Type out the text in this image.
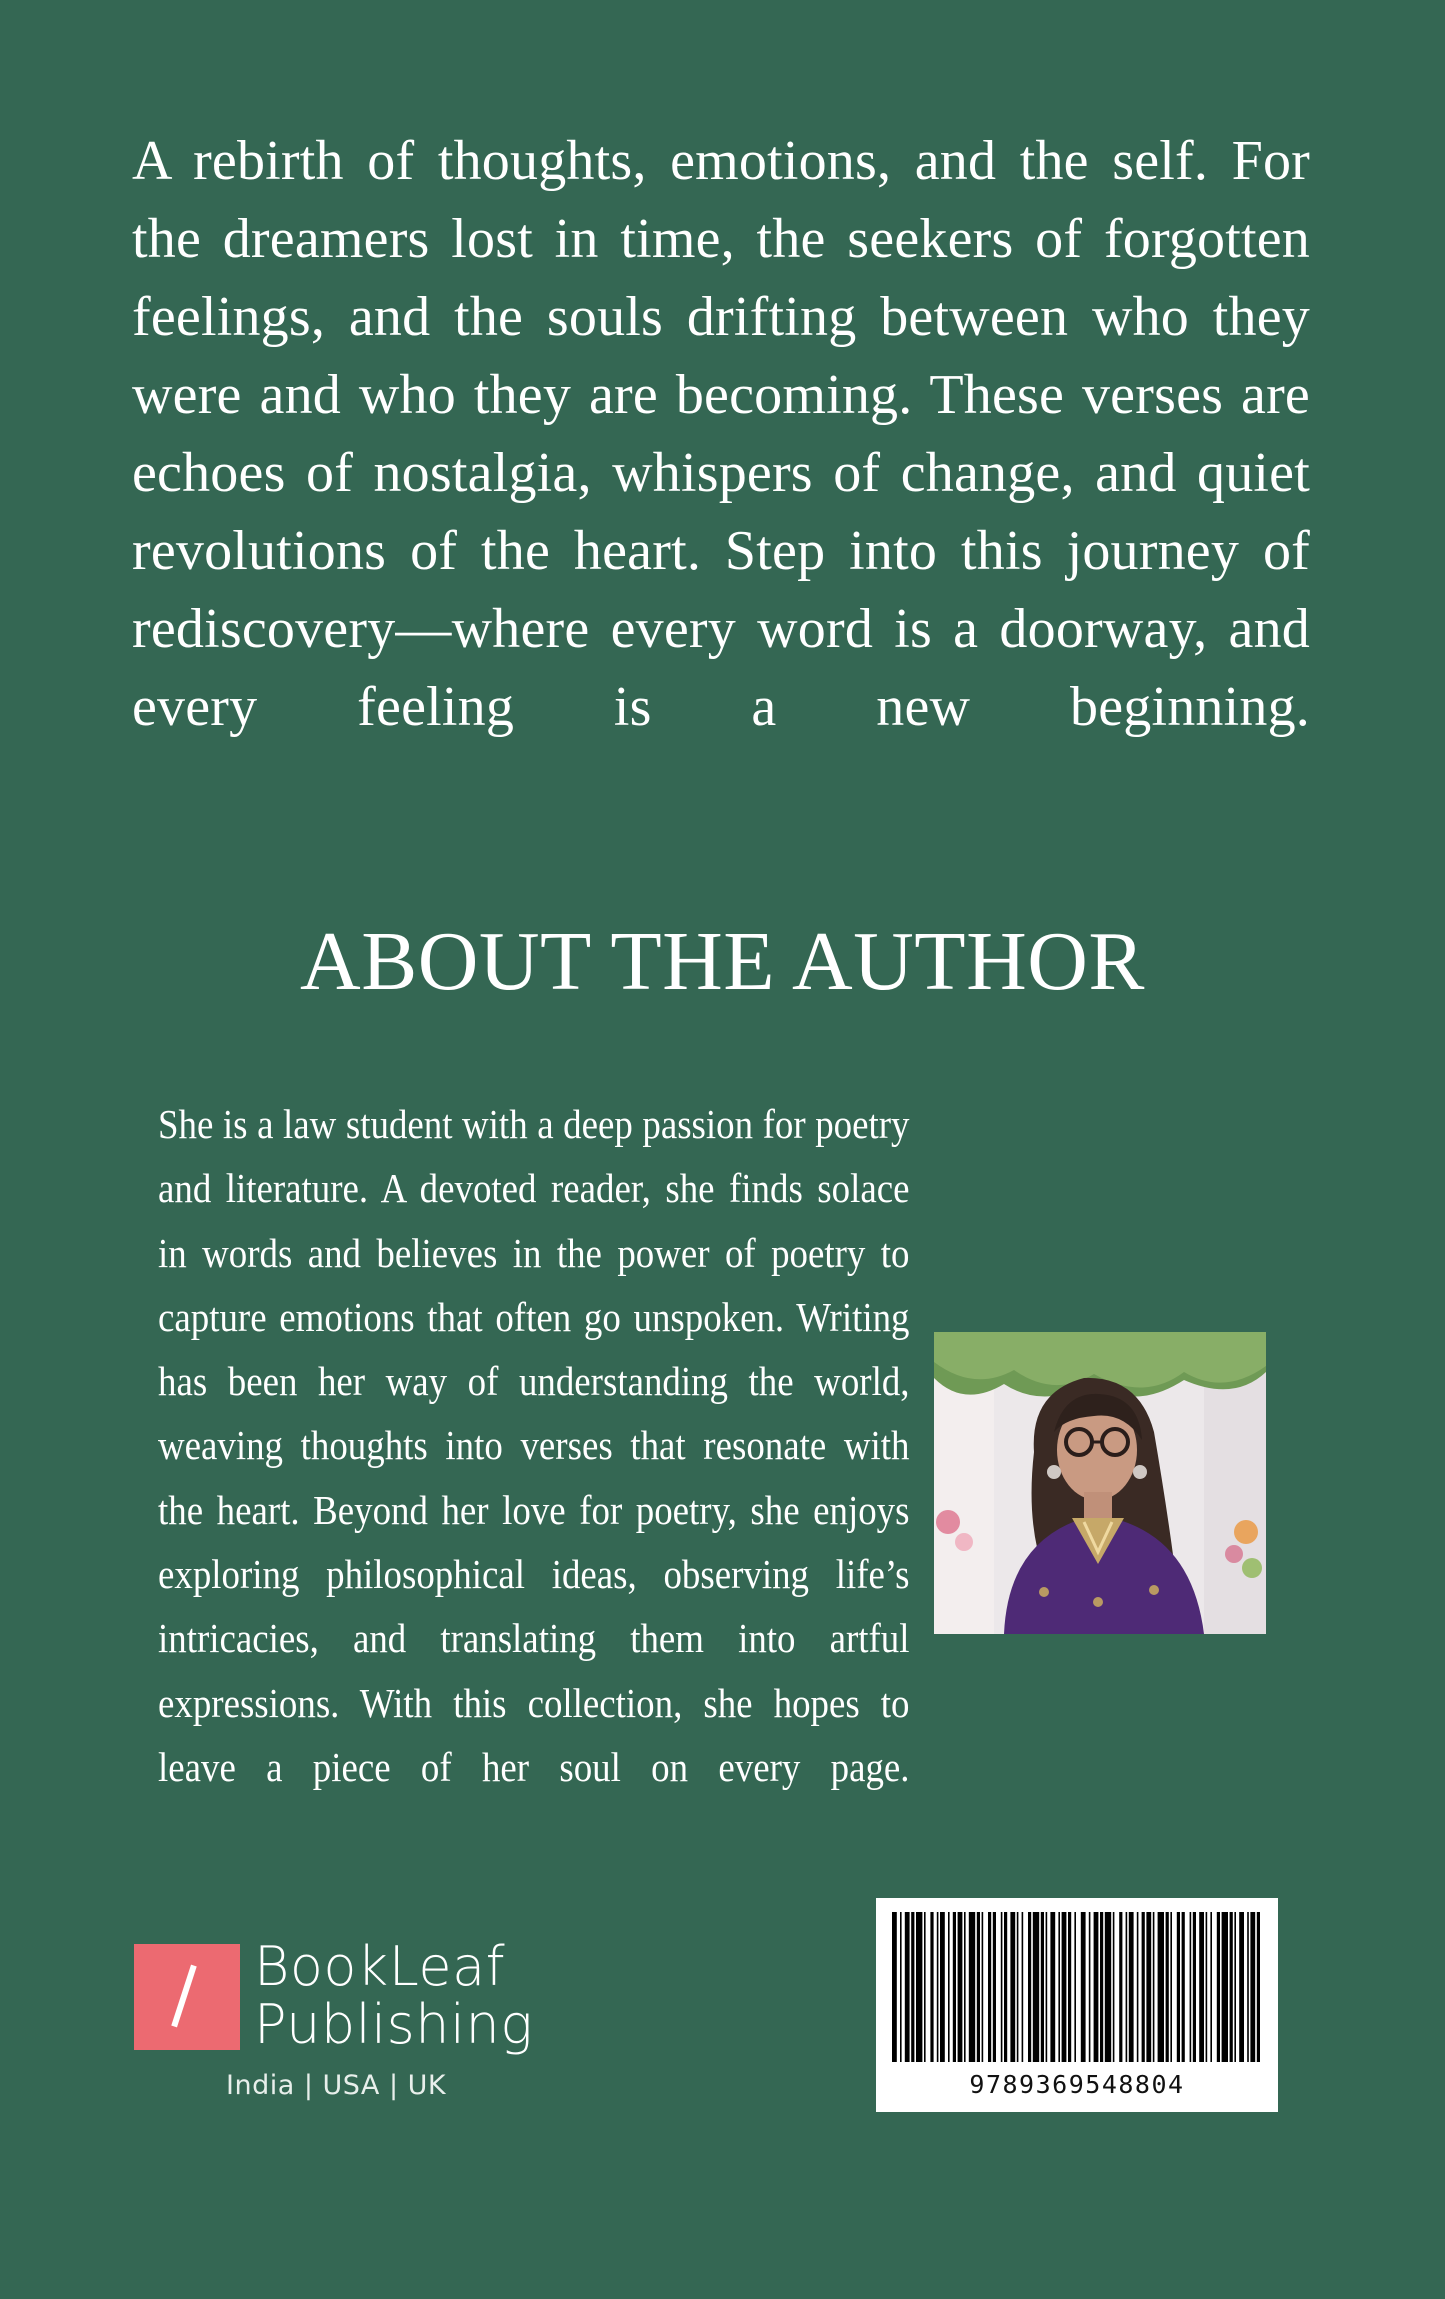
A rebirth of thoughts, emotions, and the self. For the dreamers lost in time, the seekers of forgotten feelings, and the souls drifting between who they were and who they are becoming. These verses are echoes of nostalgia, whispers of change, and quiet revolutions of the heart. Step into this journey of rediscovery—where every word is a doorway, and every feeling is a new beginning.

ABOUT THE AUTHOR

She is a law student with a deep passion for poetry and literature. A devoted reader, she finds solace in words and believes in the power of poetry to capture emotions that often go unspoken. Writing has been her way of understanding the world, weaving thoughts into verses that resonate with the heart. Beyond her love for poetry, she enjoys exploring philosophical ideas, observing life’s intricacies, and translating them into artful expressions. With this collection, she hopes to leave a piece of her soul on every page.

BookLeaf
Publishing
India | USA | UK	9789369548804
